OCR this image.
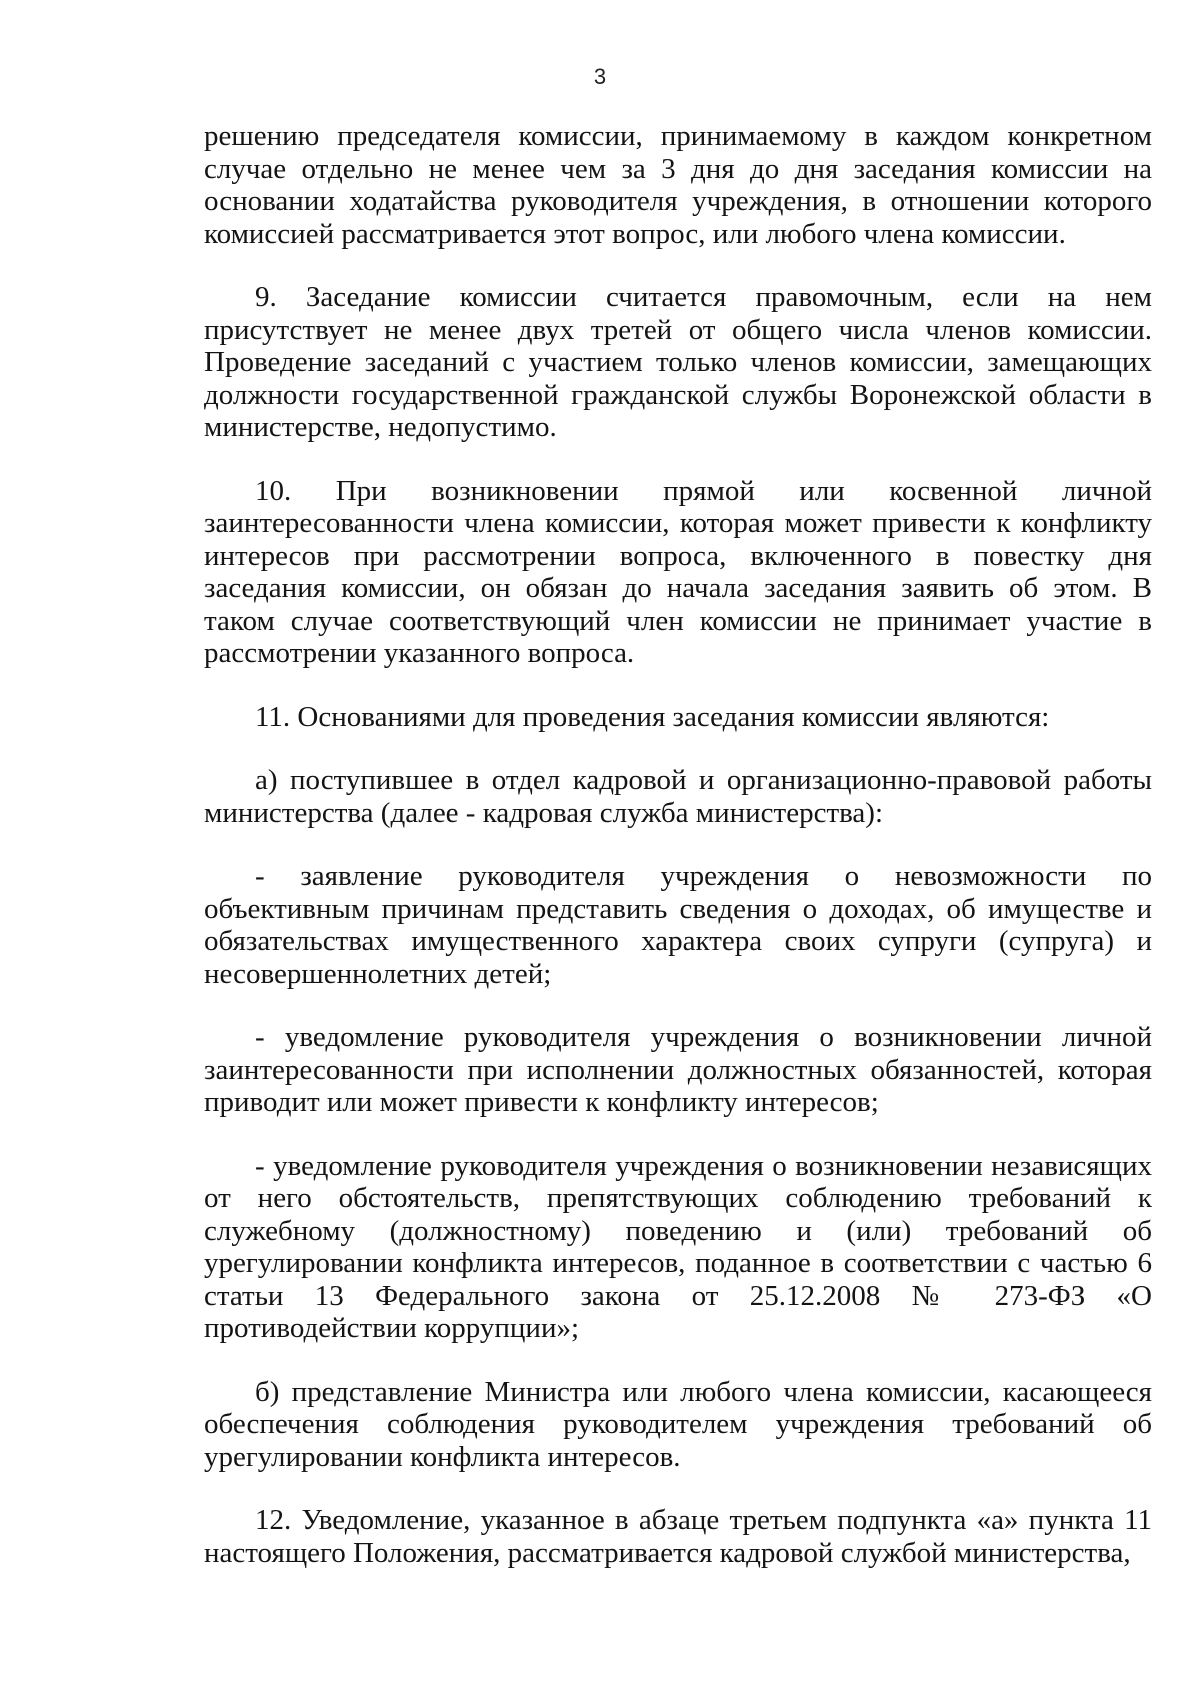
3

решению председателя комиссии, принимаемому в каждом конкретном случае отдельно не менее чем за 3 дня до дня заседания комиссии на основании ходатайства руководителя учреждения, в отношении которого комиссией рассматривается этот вопрос, или любого члена комиссии.

9. Заседание комиссии считается правомочным, если на нем присутствует не менее двух третей от общего числа членов комиссии. Проведение заседаний с участием только членов комиссии, замещающих должности государственной гражданской службы Воронежской области в министерстве, недопустимо.

10. При возникновении прямой или косвенной личной заинтересованности члена комиссии, которая может привести к конфликту интересов при рассмотрении вопроса, включенного в повестку дня заседания комиссии, он обязан до начала заседания заявить об этом. В таком случае соответствующий член комиссии не принимает участие в рассмотрении указанного вопроса.

11. Основаниями для проведения заседания комиссии являются:

а) поступившее в отдел кадровой и организационно-правовой работы министерства (далее - кадровая служба министерства):

- заявление руководителя учреждения о невозможности по объективным причинам представить сведения о доходах, об имуществе и обязательствах имущественного характера своих супруги (супруга) и несовершеннолетних детей;

- уведомление руководителя учреждения о возникновении личной заинтересованности при исполнении должностных обязанностей, которая приводит или может привести к конфликту интересов;

- уведомление руководителя учреждения о возникновении независящих от него обстоятельств, препятствующих соблюдению требований к служебному (должностному) поведению и (или) требований об урегулировании конфликта интересов, поданное в соответствии с частью 6 статьи 13 Федерального закона от 25.12.2008 № 273-ФЗ «О противодействии коррупции»;

б) представление Министра или любого члена комиссии, касающееся обеспечения соблюдения руководителем учреждения требований об урегулировании конфликта интересов.

12. Уведомление, указанное в абзаце третьем подпункта «а» пункта 11 настоящего Положения, рассматривается кадровой службой министерства,
